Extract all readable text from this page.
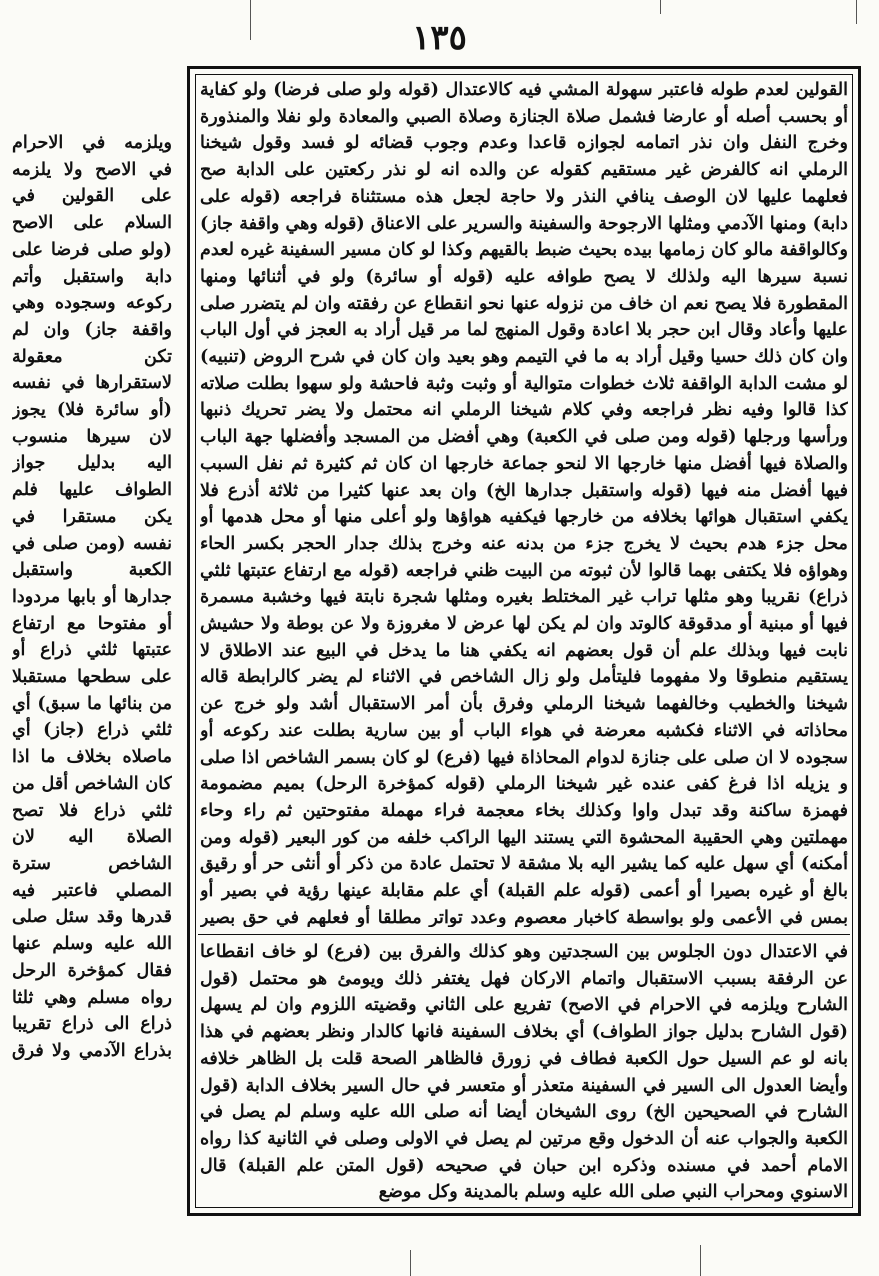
١٣٥

ويلزمه في الاحرام في الاصح ولا يلزمه على القولين في السلام على الاصح (ولو صلى فرضا على دابة واستقبل وأتم ركوعه وسجوده وهي واقفة جاز) وان لم تكن معقولة لاستقرارها في نفسه (أو سائرة فلا) يجوز لان سيرها منسوب اليه بدليل جواز الطواف عليها فلم يكن مستقرا في نفسه (ومن صلى في الكعبة واستقبل جدارها أو بابها مردودا أو مفتوحا مع ارتفاع عتبتها ثلثي ذراع أو على سطحها مستقبلا من بنائها ما سبق) أي ثلثي ذراع (جاز) أي ماصلاه بخلاف ما اذا كان الشاخص أقل من ثلثي ذراع فلا تصح الصلاة اليه لان الشاخص سترة المصلي فاعتبر فيه قدرها وقد سئل صلى الله عليه وسلم عنها فقال كمؤخرة الرحل رواه مسلم وهي ثلثا ذراع الى ذراع تقريبا بذراع الآدمي ولا فرق

القولين لعدم طوله فاعتبر سهولة المشي فيه كالاعتدال (قوله ولو صلى فرضا) ولو كفاية أو بحسب أصله أو عارضا فشمل صلاة الجنازة وصلاة الصبي والمعادة ولو نفلا والمنذورة وخرج النفل وان نذر اتمامه لجوازه قاعدا وعدم وجوب قضائه لو فسد وقول شيخنا الرملي انه كالفرض غير مستقيم كقوله عن والده انه لو نذر ركعتين على الدابة صح فعلهما عليها لان الوصف ينافي النذر ولا حاجة لجعل هذه مستثناة فراجعه (قوله على دابة) ومنها الآدمي ومثلها الارجوحة والسفينة والسرير على الاعناق (قوله وهي واقفة جاز) وكالواقفة مالو كان زمامها بيده بحيث ضبط بالقيهم وكذا لو كان مسير السفينة غيره لعدم نسبة سيرها اليه ولذلك لا يصح طوافه عليه (قوله أو سائرة) ولو في أثنائها ومنها المقطورة فلا يصح نعم ان خاف من نزوله عنها نحو انقطاع عن رفقته وان لم يتضرر صلى عليها وأعاد وقال ابن حجر بلا اعادة وقول المنهج لما مر قيل أراد به العجز في أول الباب وان كان ذلك حسيا وقيل أراد به ما في التيمم وهو بعيد وان كان في شرح الروض (تنبيه) لو مشت الدابة الواقفة ثلاث خطوات متوالية أو وثبت وثبة فاحشة ولو سهوا بطلت صلاته كذا قالوا وفيه نظر فراجعه وفي كلام شيخنا الرملي انه محتمل ولا يضر تحريك ذنبها ورأسها ورجلها (قوله ومن صلى في الكعبة) وهي أفضل من المسجد وأفضلها جهة الباب والصلاة فيها أفضل منها خارجها الا لنحو جماعة خارجها ان كان ثم كثيرة ثم نفل السبب فيها أفضل منه فيها (قوله واستقبل جدارها الخ) وان بعد عنها كثيرا من ثلاثة أذرع فلا يكفي استقبال هوائها بخلافه من خارجها فيكفيه هواؤها ولو أعلى منها أو محل هدمها أو محل جزء هدم بحيث لا يخرج جزء من بدنه عنه وخرج بذلك جدار الحجر بكسر الحاء وهواؤه فلا يكتفى بهما قالوا لأن ثبوته من البيت ظني فراجعه (قوله مع ارتفاع عتبتها ثلثي ذراع) نقريبا وهو مثلها تراب غير المختلط بغيره ومثلها شجرة نابتة فيها وخشبة مسمرة فيها أو مبنية أو مدقوقة كالوتد وان لم يكن لها عرض لا مغروزة ولا عن بوطة ولا حشيش نابت فيها وبذلك علم أن قول بعضهم انه يكفي هنا ما يدخل في البيع عند الاطلاق لا يستقيم منطوقا ولا مفهوما فليتأمل ولو زال الشاخص في الاثناء لم يضر كالرابطة قاله شيخنا والخطيب وخالفهما شيخنا الرملي وفرق بأن أمر الاستقبال أشد ولو خرج عن محاذاته في الاثناء فكشبه معرضة في هواء الباب أو بين سارية بطلت عند ركوعه أو سجوده لا ان صلى على جنازة لدوام المحاذاة فيها (فرع) لو كان بسمر الشاخص اذا صلى و يزيله اذا فرغ كفى عنده غير شيخنا الرملي (قوله كمؤخرة الرحل) بميم مضمومة فهمزة ساكنة وقد تبدل واوا وكذلك بخاء معجمة فراء مهملة مفتوحتين ثم راء وحاء مهملتين وهي الحقيبة المحشوة التي يستند اليها الراكب خلفه من كور البعير (قوله ومن أمكنه) أي سهل عليه كما يشير اليه بلا مشقة لا تحتمل عادة من ذكر أو أنثى حر أو رقيق بالغ أو غيره بصيرا أو أعمى (قوله علم القبلة) أي علم مقابلة عينها رؤية في بصير أو بمس في الأعمى ولو بواسطة كاخبار معصوم وعدد تواتر مطلقا أو فعلهم في حق بصير

في الاعتدال دون الجلوس بين السجدتين وهو كذلك والفرق بين (فرع) لو خاف انقطاعا عن الرفقة بسبب الاستقبال واتمام الاركان فهل يغتفر ذلك ويومئ هو محتمل (قول الشارح ويلزمه في الاحرام في الاصح) تفريع على الثاني وقضيته اللزوم وان لم يسهل (قول الشارح بدليل جواز الطواف) أي بخلاف السفينة فانها كالدار ونظر بعضهم في هذا بانه لو عم السيل حول الكعبة فطاف في زورق فالظاهر الصحة قلت بل الظاهر خلافه وأيضا العدول الى السير في السفينة متعذر أو متعسر في حال السير بخلاف الدابة (قول الشارح في الصحيحين الخ) روى الشيخان أيضا أنه صلى الله عليه وسلم لم يصل في الكعبة والجواب عنه أن الدخول وقع مرتين لم يصل في الاولى وصلى في الثانية كذا رواه الامام أحمد في مسنده وذكره ابن حبان في صحيحه (قول المتن علم القبلة) قال الاسنوي ومحراب النبي صلى الله عليه وسلم بالمدينة وكل موضع
